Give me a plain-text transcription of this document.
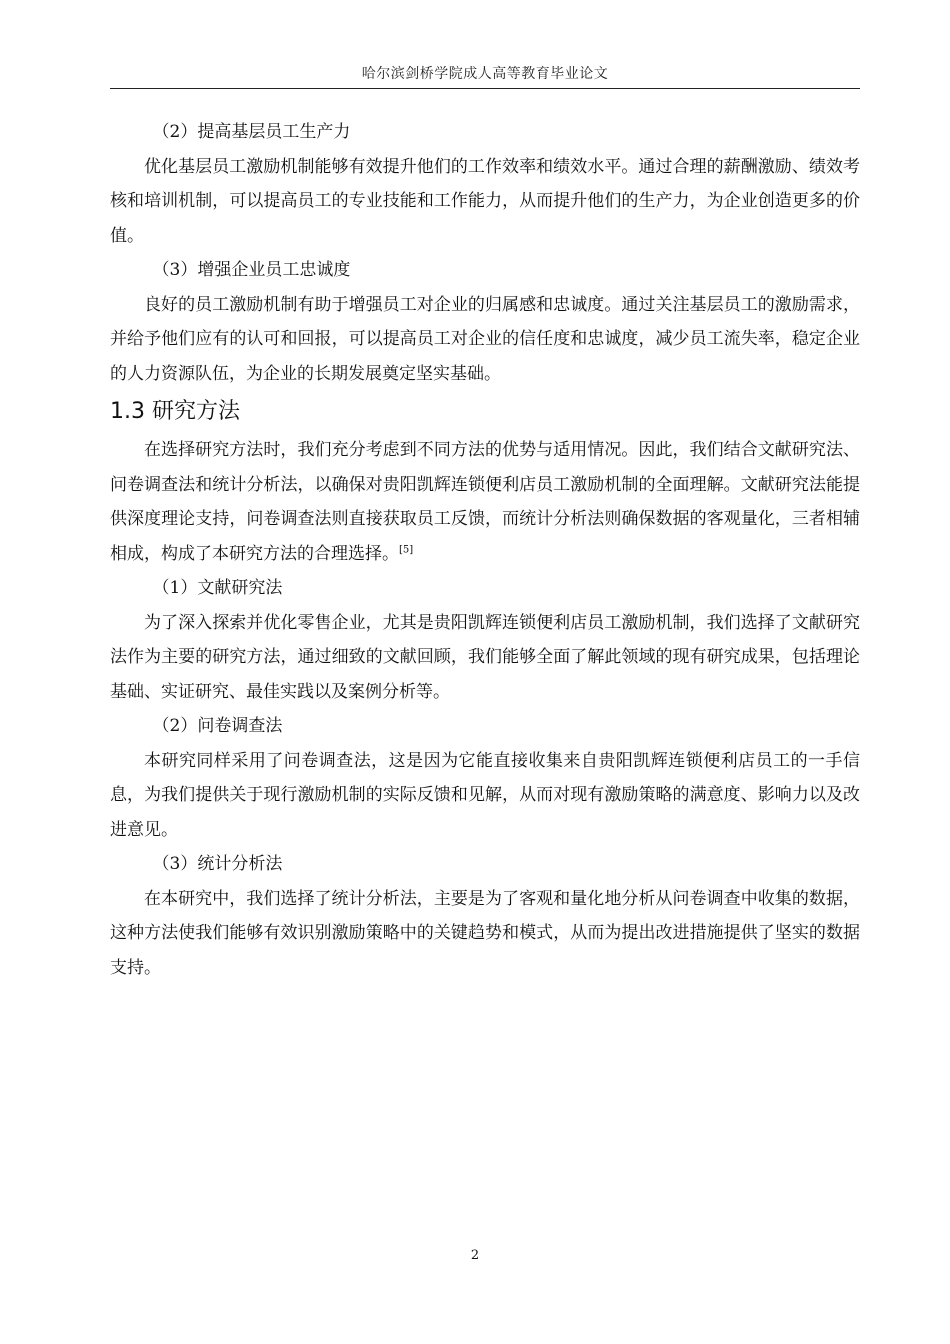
哈尔滨剑桥学院成人高等教育毕业论文

（2）提高基层员工生产力

优化基层员工激励机制能够有效提升他们的工作效率和绩效水平。通过合理的薪酬激励、绩效考核和培训机制，可以提高员工的专业技能和工作能力，从而提升他们的生产力，为企业创造更多的价值。

（3）增强企业员工忠诚度

良好的员工激励机制有助于增强员工对企业的归属感和忠诚度。通过关注基层员工的激励需求，并给予他们应有的认可和回报，可以提高员工对企业的信任度和忠诚度，减少员工流失率，稳定企业的人力资源队伍，为企业的长期发展奠定坚实基础。

1.3 研究方法

在选择研究方法时，我们充分考虑到不同方法的优势与适用情况。因此，我们结合文献研究法、问卷调查法和统计分析法，以确保对贵阳凯辉连锁便利店员工激励机制的全面理解。文献研究法能提供深度理论支持，问卷调查法则直接获取员工反馈，而统计分析法则确保数据的客观量化，三者相辅相成，构成了本研究方法的合理选择。[5]

（1）文献研究法

为了深入探索并优化零售企业，尤其是贵阳凯辉连锁便利店员工激励机制，我们选择了文献研究法作为主要的研究方法，通过细致的文献回顾，我们能够全面了解此领域的现有研究成果，包括理论基础、实证研究、最佳实践以及案例分析等。

（2）问卷调查法

本研究同样采用了问卷调查法，这是因为它能直接收集来自贵阳凯辉连锁便利店员工的一手信息，为我们提供关于现行激励机制的实际反馈和见解，从而对现有激励策略的满意度、影响力以及改进意见。

（3）统计分析法

在本研究中，我们选择了统计分析法，主要是为了客观和量化地分析从问卷调查中收集的数据，这种方法使我们能够有效识别激励策略中的关键趋势和模式，从而为提出改进措施提供了坚实的数据支持。

2
